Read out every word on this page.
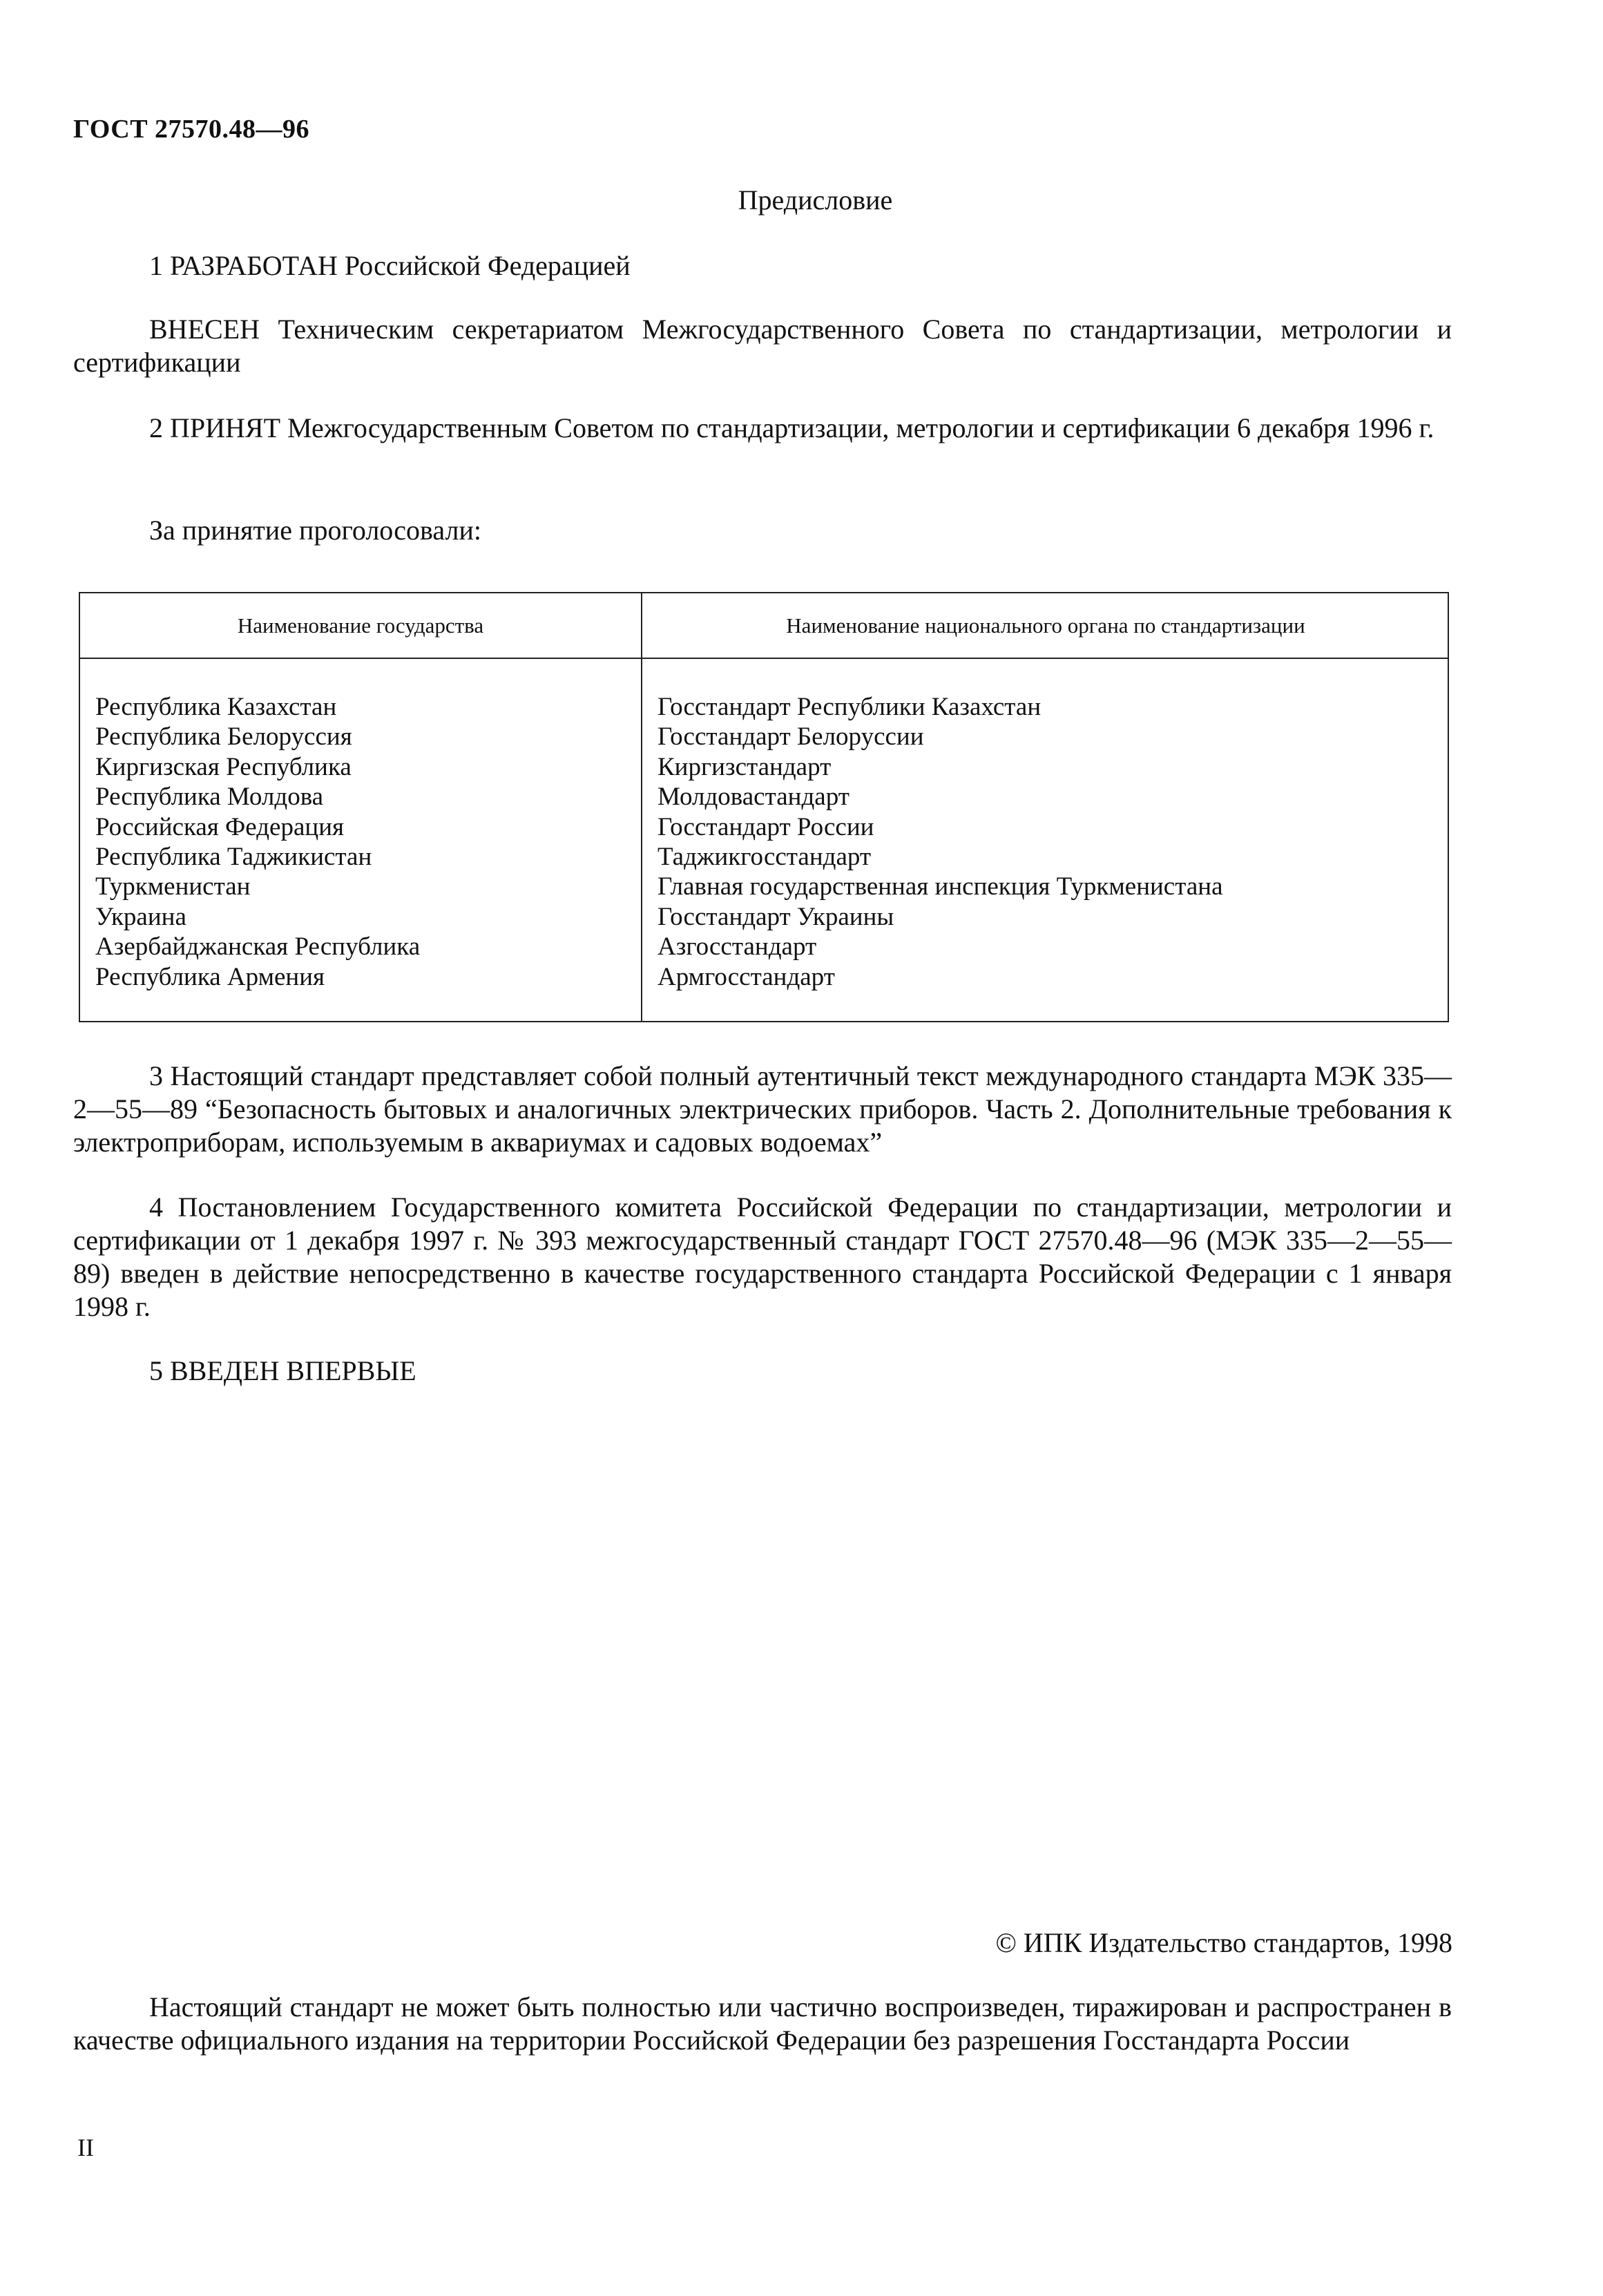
ГОСТ 27570.48—96
Предисловие
1 РАЗРАБОТАН Российской Федерацией

ВНЕСЕН Техническим секретариатом Межгосударственного Совета по стандартизации, метрологии и сертификации

2 ПРИНЯТ Межгосударственным Советом по стандартизации, метрологии и сертификации 6 декабря 1996 г.

За принятие проголосовали:
Наименование государства	Наименование национального органа по стандартизации
Республика Казахстан
Республика Белоруссия
Киргизская Республика
Республика Молдова
Российская Федерация
Республика Таджикистан
Туркменистан
Украина
Азербайджанская Республика
Республика Армения
Госстандарт Республики Казахстан
Госстандарт Белоруссии
Киргизстандарт
Молдовастандарт
Госстандарт России
Таджикгосстандарт
Главная государственная инспекция Туркменистана
Госстандарт Украины
Азгосстандарт
Армгосстандарт

3 Настоящий стандарт представляет собой полный аутентичный текст международного стандарта МЭК 335—2—55—89 “Безопасность бытовых и аналогичных электрических приборов. Часть 2. Дополнительные требования к электроприборам, используемым в аквариумах и садовых водоемах”

4 Постановлением Государственного комитета Российской Федерации по стандартизации, метрологии и сертификации от 1 декабря 1997 г. № 393 межгосударственный стандарт ГОСТ 27570.48—96 (МЭК 335—2—55—89) введен в действие непосредственно в качестве государственного стандарта Российской Федерации с 1 января 1998 г.

5 ВВЕДЕН ВПЕРВЫЕ
© ИПК Издательство стандартов, 1998

Настоящий стандарт не может быть полностью или частично воспроизведен, тиражирован и распространен в качестве официального издания на территории Российской Федерации без разрешения Госстандарта России

II
